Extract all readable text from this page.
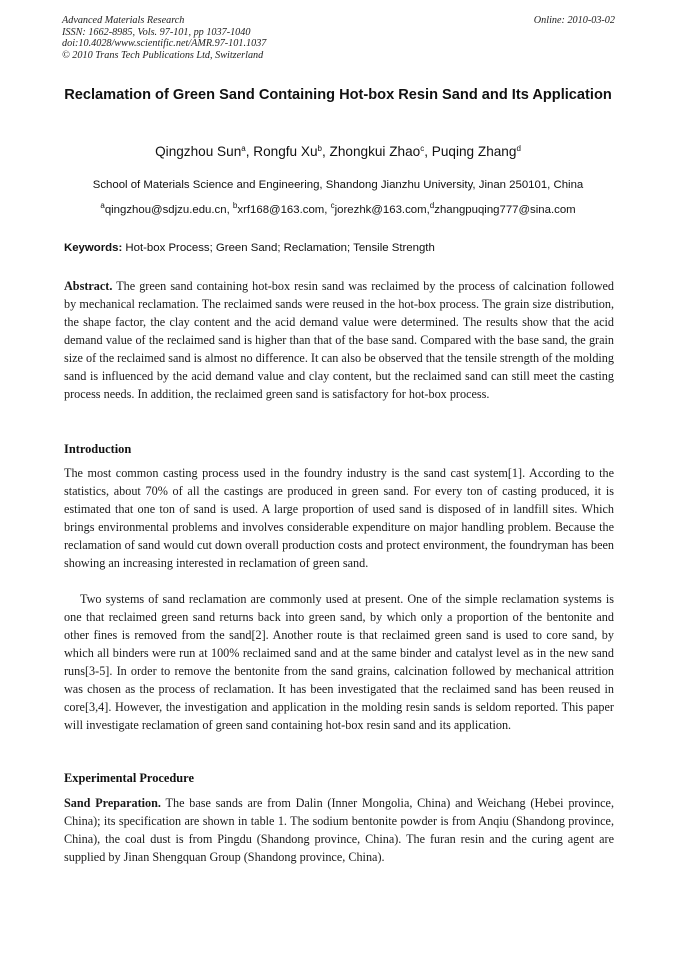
Advanced Materials Research
ISSN: 1662-8985, Vols. 97-101, pp 1037-1040
doi:10.4028/www.scientific.net/AMR.97-101.1037
© 2010 Trans Tech Publications Ltd, Switzerland
Online: 2010-03-02
Reclamation of Green Sand Containing Hot-box Resin Sand and Its Application
Qingzhou Sun$^a$, Rongfu Xu$^b$, Zhongkui Zhao$^c$, Puqing Zhang$^d$
School of Materials Science and Engineering, Shandong Jianzhu University, Jinan 250101, China
$^a$qingzhou@sdjzu.edu.cn, $^b$xrf168@163.com, $^c$jorezhk@163.com,$^d$zhangpuqing777@sina.com
Keywords: Hot-box Process; Green Sand; Reclamation; Tensile Strength
Abstract. The green sand containing hot-box resin sand was reclaimed by the process of calcination followed by mechanical reclamation. The reclaimed sands were reused in the hot-box process. The grain size distribution, the shape factor, the clay content and the acid demand value were determined. The results show that the acid demand value of the reclaimed sand is higher than that of the base sand. Compared with the base sand, the grain size of the reclaimed sand is almost no difference. It can also be observed that the tensile strength of the molding sand is influenced by the acid demand value and clay content, but the reclaimed sand can still meet the casting process needs. In addition, the reclaimed green sand is satisfactory for hot-box process.
Introduction
The most common casting process used in the foundry industry is the sand cast system[1]. According to the statistics, about 70% of all the castings are produced in green sand. For every ton of casting produced, it is estimated that one ton of sand is used. A large proportion of used sand is disposed of in landfill sites. Which brings environmental problems and involves considerable expenditure on major handling problem. Because the reclamation of sand would cut down overall production costs and protect environment, the foundryman has been showing an increasing interested in reclamation of green sand.
Two systems of sand reclamation are commonly used at present. One of the simple reclamation systems is one that reclaimed green sand returns back into green sand, by which only a proportion of the bentonite and other fines is removed from the sand[2]. Another route is that reclaimed green sand is used to core sand, by which all binders were run at 100% reclaimed sand and at the same binder and catalyst level as in the new sand runs[3-5]. In order to remove the bentonite from the sand grains, calcination followed by mechanical attrition was chosen as the process of reclamation. It has been investigated that the reclaimed sand has been reused in core[3,4]. However, the investigation and application in the molding resin sands is seldom reported. This paper will investigate reclamation of green sand containing hot-box resin sand and its application.
Experimental Procedure
Sand Preparation. The base sands are from Dalin (Inner Mongolia, China) and Weichang (Hebei province, China); its specification are shown in table 1. The sodium bentonite powder is from Anqiu (Shandong province, China), the coal dust is from Pingdu (Shandong province, China). The furan resin and the curing agent are supplied by Jinan Shengquan Group (Shandong province, China).
